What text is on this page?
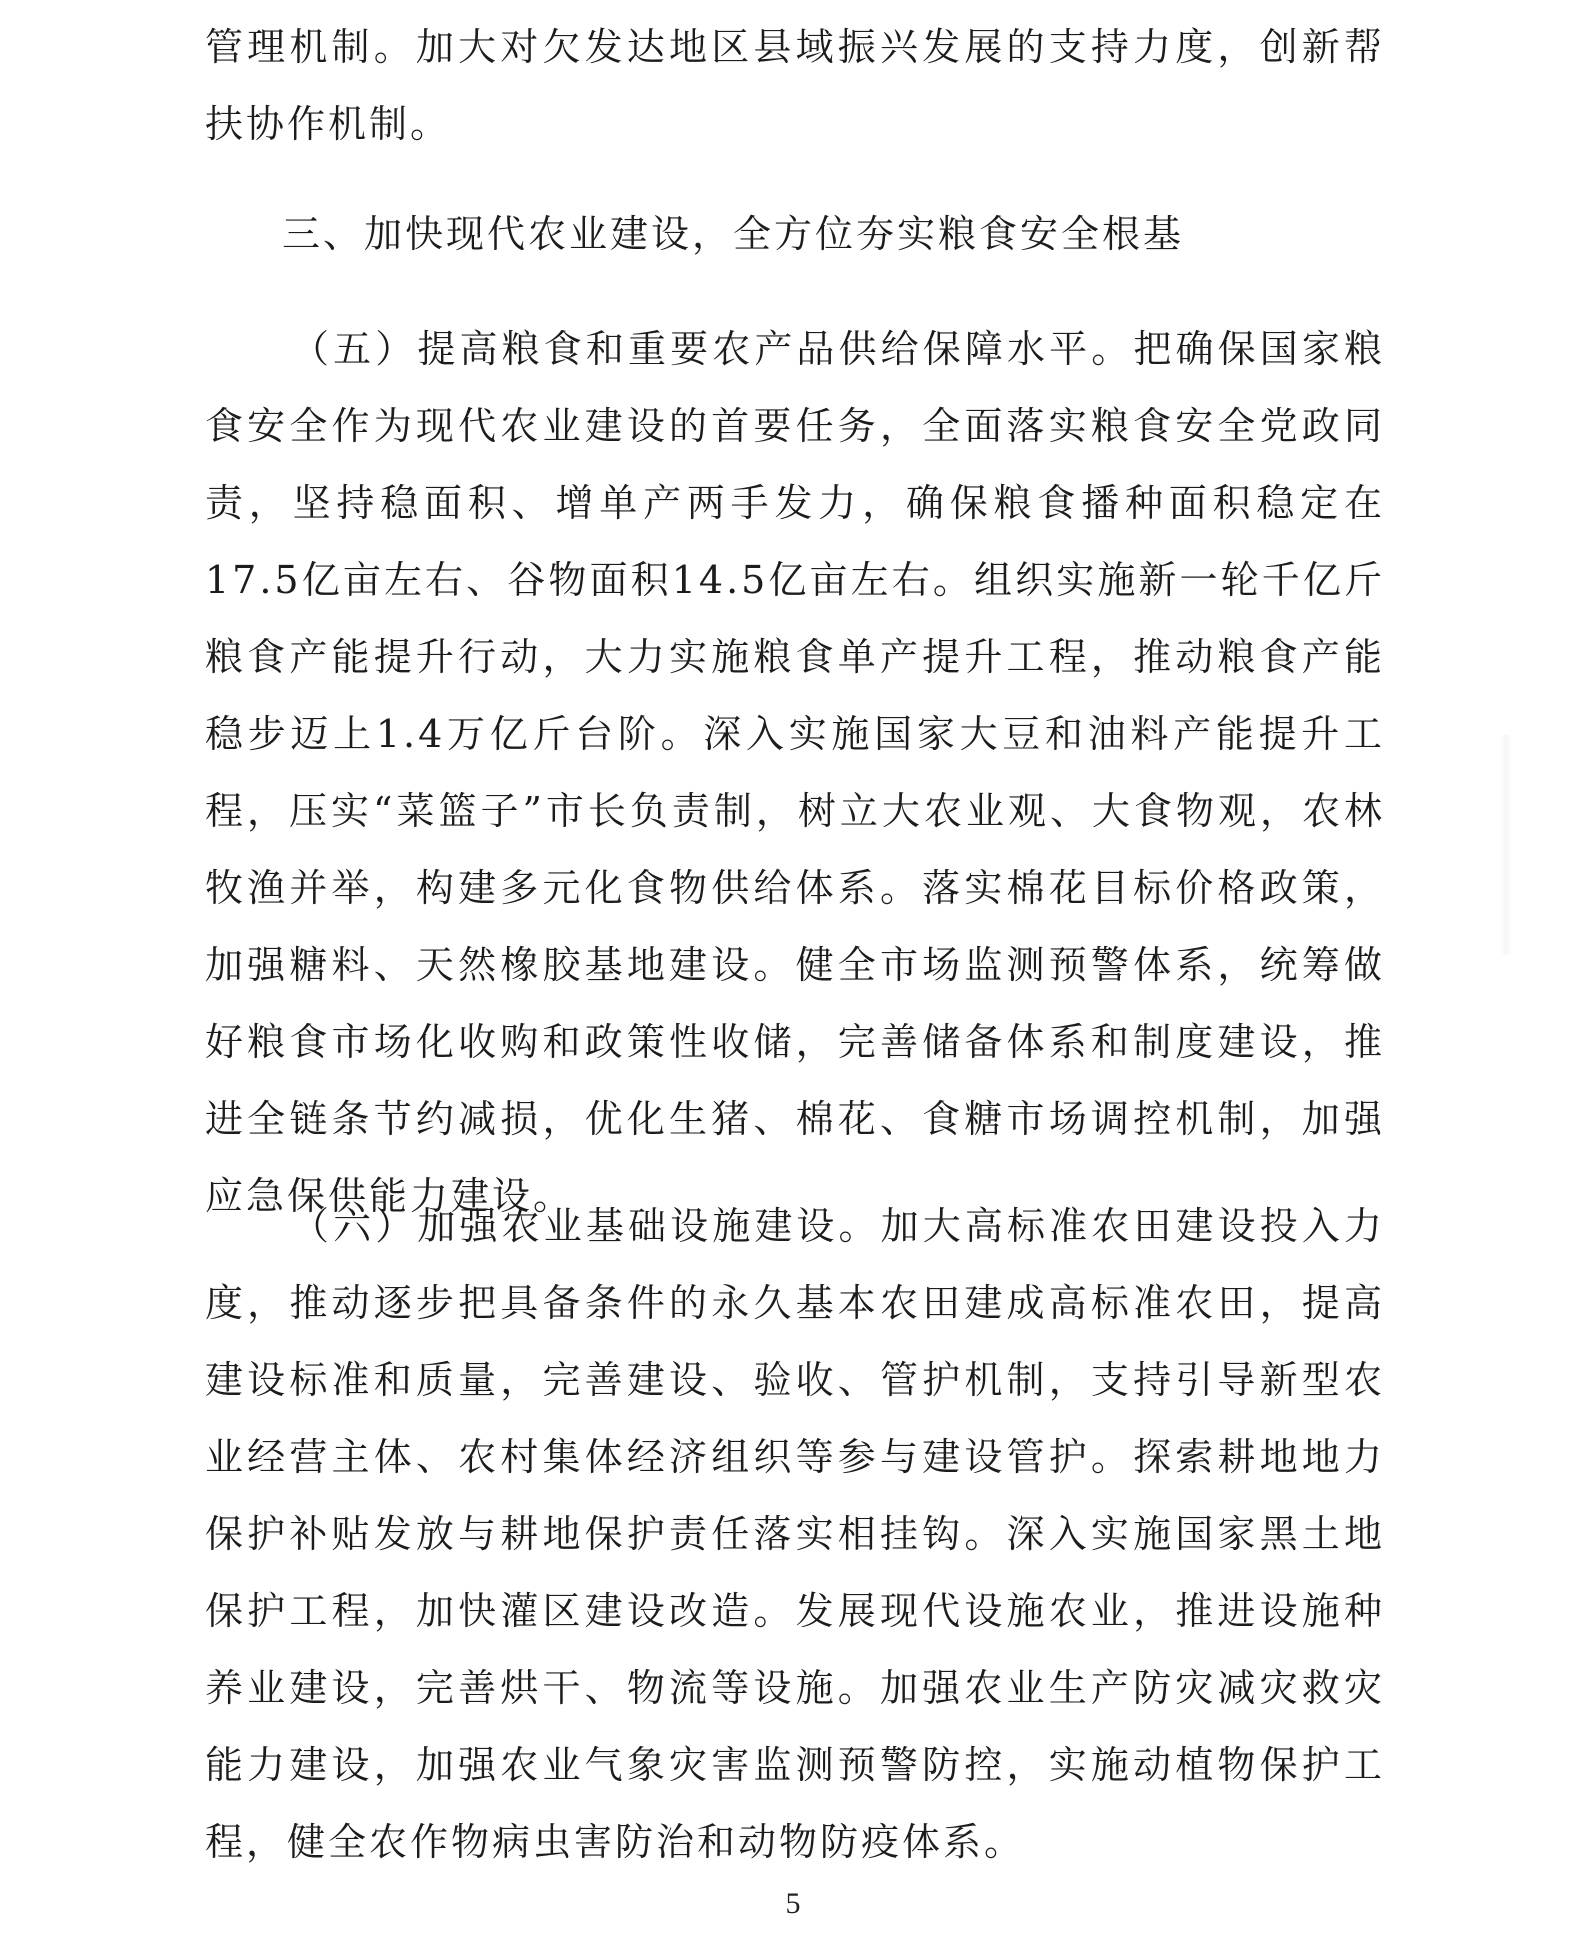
管理机制。加大对欠发达地区县域振兴发展的支持力度，创新帮扶协作机制。
三、加快现代农业建设，全方位夯实粮食安全根基
（五）提高粮食和重要农产品供给保障水平。把确保国家粮食安全作为现代农业建设的首要任务，全面落实粮食安全党政同责，坚持稳面积、增单产两手发力，确保粮食播种面积稳定在17.5亿亩左右、谷物面积14.5亿亩左右。组织实施新一轮千亿斤粮食产能提升行动，大力实施粮食单产提升工程，推动粮食产能稳步迈上1.4万亿斤台阶。深入实施国家大豆和油料产能提升工程，压实“菜篮子”市长负责制，树立大农业观、大食物观，农林牧渔并举，构建多元化食物供给体系。落实棉花目标价格政策，加强糖料、天然橡胶基地建设。健全市场监测预警体系，统筹做好粮食市场化收购和政策性收储，完善储备体系和制度建设，推进全链条节约减损，优化生猪、棉花、食糖市场调控机制，加强应急保供能力建设。
（六）加强农业基础设施建设。加大高标准农田建设投入力度，推动逐步把具备条件的永久基本农田建成高标准农田，提高建设标准和质量，完善建设、验收、管护机制，支持引导新型农业经营主体、农村集体经济组织等参与建设管护。探索耕地地力保护补贴发放与耕地保护责任落实相挂钩。深入实施国家黑土地保护工程，加快灌区建设改造。发展现代设施农业，推进设施种养业建设，完善烘干、物流等设施。加强农业生产防灾减灾救灾能力建设，加强农业气象灾害监测预警防控，实施动植物保护工程，健全农作物病虫害防治和动物防疫体系。
5
